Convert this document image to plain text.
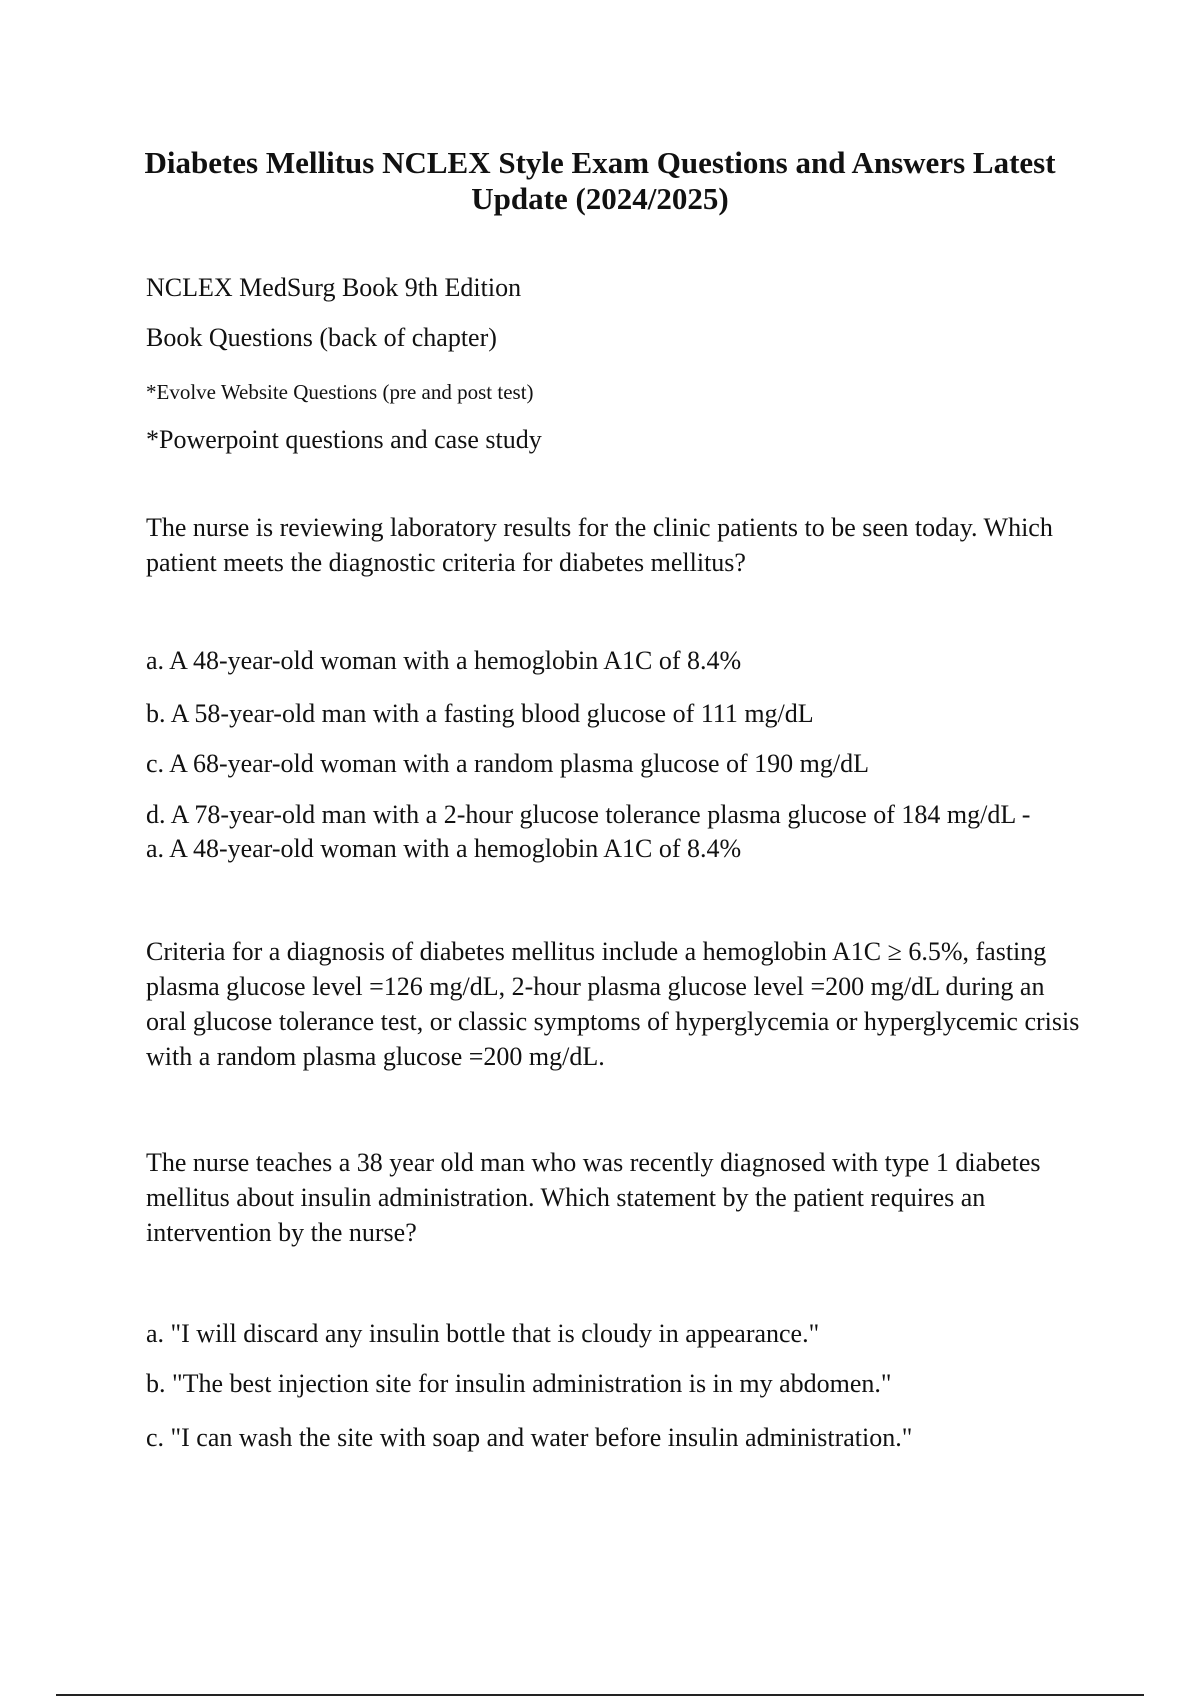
Diabetes Mellitus NCLEX Style Exam Questions and Answers Latest Update (2024/2025)

NCLEX MedSurg Book 9th Edition

Book Questions (back of chapter)

*Evolve Website Questions (pre and post test)

*Powerpoint questions and case study

The nurse is reviewing laboratory results for the clinic patients to be seen today. Which patient meets the diagnostic criteria for diabetes mellitus?

a. A 48-year-old woman with a hemoglobin A1C of 8.4%

b. A 58-year-old man with a fasting blood glucose of 111 mg/dL

c. A 68-year-old woman with a random plasma glucose of 190 mg/dL

d. A 78-year-old man with a 2-hour glucose tolerance plasma glucose of 184 mg/dL - a. A 48-year-old woman with a hemoglobin A1C of 8.4%

Criteria for a diagnosis of diabetes mellitus include a hemoglobin A1C ≥ 6.5%, fasting plasma glucose level =126 mg/dL, 2-hour plasma glucose level =200 mg/dL during an oral glucose tolerance test, or classic symptoms of hyperglycemia or hyperglycemic crisis with a random plasma glucose =200 mg/dL.

The nurse teaches a 38 year old man who was recently diagnosed with type 1 diabetes mellitus about insulin administration. Which statement by the patient requires an intervention by the nurse?

a. "I will discard any insulin bottle that is cloudy in appearance."

b. "The best injection site for insulin administration is in my abdomen."

c. "I can wash the site with soap and water before insulin administration."
